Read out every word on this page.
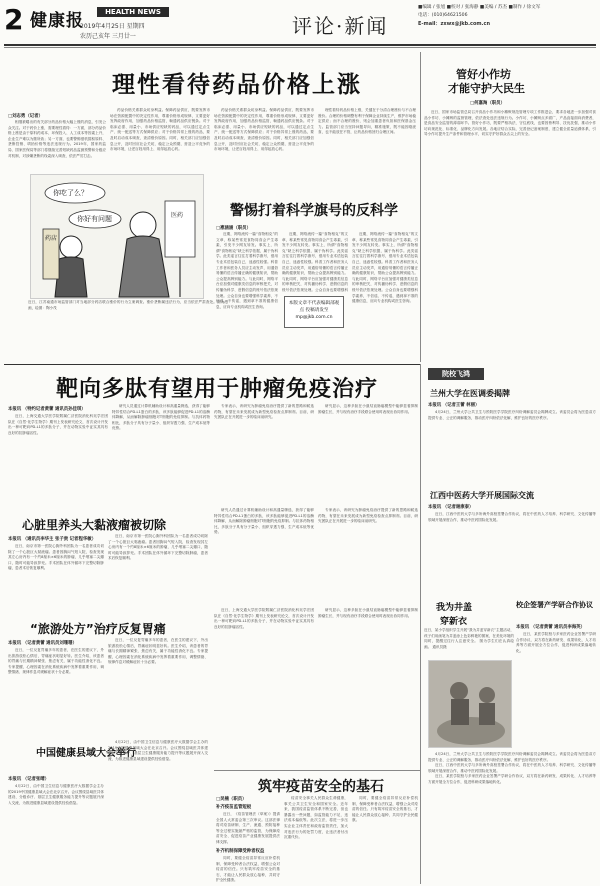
2 健康报	HEALTH NEWS
2019年4月25日 星期四
农历己亥年 三月廿一	评论·新闻
■编辑 / 张旭 ■校对 / 张海静 ■美编 / 苏杰 ■制作 / 徐文军
电话：(010)64621506
E-mail：zxwx@jkb.com.cn
理性看待药品价格上涨
□刘志勇（记者）

相继被曝出的有关部分药品价格大幅上涨的消息，引发公众关注。对于药价上涨，需要理性看待：一方面，部分药品价格上涨是由于原料药成本、环保投入、人工成本等因素上升，企业生产难以为继所致；另一方面，也要警惕借机囤积原料、垄断控销、哄抬价格等违法违规行为。2019年，国家药监局、国家医保局等部门将继续完善短缺药品监测预警和分级应对机制，对涉嫌垄断的线索深入调查，依法严厉打击。

药品价格关系群众切身利益。保障药品供应，既要发挥市场在资源配置中的决定性作用，尊重价格形成规律，又要更好发挥政府作用，加强药品价格监管，畅通药品供应链条。对于临床必需、用量小、市场供应短缺的药品，可以通过定点生产、统一配送等方式保障供应；对于价格异常上涨的药品，要及时启动成本调查，查清涨价原因。同时，相关部门应加强信息公开，及时回应社会关切，稳定公众预期，营造公平竞争的市场环境，让老百姓用得上、用得起放心药。

药品价格关系群众切身利益。保障药品供应，既要发挥市场在资源配置中的决定性作用，尊重价格形成规律，又要更好发挥政府作用，加强药品价格监管，畅通药品供应链条。对于临床必需、用量小、市场供应短缺的药品，可以通过定点生产、统一配送等方式保障供应；对于价格异常上涨的药品，要及时启动成本调查，查清涨价原因。同时，相关部门应加强信息公开，及时回应社会关切，稳定公众预期，营造公平竞争的市场环境，让老百姓用得上、用得起放心药。

理性看待药品价格上涨，关键在于分清合理涨价与不合理涨价。合理的价格调整有利于保障企业持续生产，维护市场稳定供应；而不合理的涨价，则会加重患者负担和医保基金压力。监管部门应当坚持问题导向，精准施策，既不能因噎废食，也不能放任不管，让药品价格回归合理区间。

你吃了么？
你好有问题
药店
医药
近日，江苏南通市场监管部门对当地部分药店联合涨价的行为立案调查。涨价垄断属违法行为，应当依法严肃查处。图为漫画，绘图：陶小茂
管好小作坊
才能守护大民生
□何嘉淘（职员）

近日，国家市场监管总局召开食品小作坊和小摊贩规范管理专项工作推进会，要求各地进一步加强对食品小作坊、小摊贩的监督管理，依法查处违法违规行为。小作坊、小摊贩点多面广，产品直接面向消费者，是食品安全监管的薄弱环节。管好小作坊，既要严格执法、守住底线，也要因势利导、扶优扶强，推动小作坊向规范化、标准化、品牌化方向发展。各地应结合实际，完善登记备案制度，建立健全质量追溯体系，引导小作坊提升生产条件和管理水平，切实守护好群众舌尖上的安全。

警惕打着科学旗号的反科学
□惠涵涵（职员）

近期，网络流传一篇“食物相克”的文章，称某些常见食物同食会产生毒素，引发不少网友转发。事实上，所谓“食物相克”缺乏科学依据，属于伪科学。此类谣言往往打着科学旗号，借用专业术语包装自己，迷惑性较强。科普工作者和医务人员应主动发声，用通俗易懂的语言传播正确的健康知识，帮助公众提高辨别能力。与此同时，网络平台应加强对健康类信息的审核把关，对传播伪科学、虚假信息的账号依法依规处理。公众自身也要增强科学素养，不信谣、不传谣，遇到拿不准的健康信息，应向专业机构或医生咨询。

近期，网络流传一篇“食物相克”的文章，称某些常见食物同食会产生毒素，引发不少网友转发。事实上，所谓“食物相克”缺乏科学依据，属于伪科学。此类谣言往往打着科学旗号，借用专业术语包装自己，迷惑性较强。科普工作者和医务人员应主动发声，用通俗易懂的语言传播正确的健康知识，帮助公众提高辨别能力。与此同时，网络平台应加强对健康类信息的审核把关，对传播伪科学、虚假信息的账号依法依规处理。公众自身也要增强科

近期，网络流传一篇“食物相克”的文章，称某些常见食物同食会产生毒素，引发不少网友转发。事实上，所谓“食物相克”缺乏科学依据，属于伪科学。此类谣言往往打着科学旗号，借用专业术语包装自己，迷惑性较强。科普工作者和医务人员应主动发声，用通俗易懂的语言传播正确的健康知识，帮助公众提高辨别能力。与此同时，网络平台应加强对健康类信息的审核把关，对传播伪科学、虚假信息的账号依法依规处理。公众自身也要增强科学素养，不信谣、不传谣，遇到拿不准的健康信息，应向专业机构或医生咨询。

本版文章不代表编辑部观点 投稿请发至 mp@jkb.com.cn
靶向多肽有望用于肿瘤免疫治疗
本报讯 （特约记者黄蕾 通讯员孙佳琪）

近日，上海交通大学医学院附属仁济医院消化科吴学宏团队在《自然·化学生物学》期刊上发表研究论文，首次设计开发出一种可靶向PD-L1的多肽分子，并在动物实验中证实其具有良好的抗肿瘤活性。

研究人员通过计算机辅助设计和高通量筛选，获得了能够特异性结合PD-L1蛋白的多肽，该多肽能够促进PD-L1的溶酶体降解，从而解除肿瘤细胞对T细胞的免疫抑制。与抗体药物相比，多肽分子具有分子量小、组织穿透力强、生产成本低等优势。

专家表示，该研究为肿瘤免疫治疗提供了新的思路和候选药物，有望在未来发展成为新型免疫检查点抑制剂。目前，研究团队正在开展进一步的临床前研究。

研究显示，这种多肽在小鼠结直肠癌模型中能够显著抑制肿瘤生长，并与现有治疗手段联合使用时表现出协同作用。

心脏里养头大黏液瘤被切除
本报讯 （通讯员李华主 张子贵 记者程华敏）

近日，南京市第一医院心胸外科团队为一名患者成功切除了一个心脏巨大黏液瘤。患者因胸闷气短入院，检查发现其左心房内有一个约8厘米×6厘米的肿瘤，几乎堵塞二尖瓣口，随时可能导致猝死。手术团队在体外循环下完整切除肿瘤，患者术后恢复顺利。

近日，南京市第一医院心胸外科团队为一名患者成功切除了一个心脏巨大黏液瘤。患者因胸闷气短入院，检查发现其左心房内有一个约8厘米×6厘米的肿瘤，几乎堵塞二尖瓣口，随时可能导致猝死。手术团队在体外循环下完整切除肿瘤，患者术后恢复顺利。

“旅游处方”治疗反复胃痛
本报讯 （记者黄蕾 通讯员刘珊珊）

近日，一位反复胃痛多年的患者，在医生的建议下，外出旅游放松心情后，胃痛症状明显好转。医生介绍，该患者的胃痛与长期精神紧张、焦虑有关，属于功能性消化不良。专家提醒，心理因素在消化系统疾病中发挥着重要作用，调整情绪、规律作息对缓解症状十分必要。

近日，一位反复胃痛多年的患者，在医生的建议下，外出旅游放松心情后，胃痛症状明显好转。医生介绍，该患者的胃痛与长期精神紧张、焦虑有关，属于功能性消化不良。专家提醒，心理因素在消化系统疾病中发挥着重要作用，调整情绪、规律作息对缓解症状十分必要。

中国健康县域大会举行
本报讯 （记者张晴）

4月22日，由中国卫生信息与健康医疗大数据学会主办的2019中国健康县域大会在北京召开。会议围绕县域医共体建设、分级诊疗、基层卫生健康服务能力提升等议题展开深入交流，为推进健康县域建设提供经验借鉴。

4月22日，由中国卫生信息与健康医疗大数据学会主办的2019中国健康县域大会在北京召开。会议围绕县域医共体建设、分级诊疗、基层卫生健康服务能力提升等议题展开深入交流，为推进健康县域建设提供经验借鉴。

研究人员通过计算机辅助设计和高通量筛选，获得了能够特异性结合PD-L1蛋白的多肽，该多肽能够促进PD-L1的溶酶体降解，从而解除肿瘤细胞对T细胞的免疫抑制。与抗体药物相比，多肽分子具有分子量小、组织穿透力强、生产成本低等优势。

专家表示，该研究为肿瘤免疫治疗提供了新的思路和候选药物，有望在未来发展成为新型免疫检查点抑制剂。目前，研究团队正在开展进一步的临床前研究。

近日，上海交通大学医学院附属仁济医院消化科吴学宏团队在《自然·化学生物学》期刊上发表研究论文，首次设计开发出一种可靶向PD-L1的多肽分子，并在动物实验中证实其具有良好的抗肿瘤活性。

研究显示，这种多肽在小鼠结直肠癌模型中能够显著抑制肿瘤生长，并与现有治疗手段联合使用时表现出协同作用。

我为井盖
穿新衣
近日，某小学组织学生开展“我为井盖穿新衣”主题活动，孩子们用画笔为井盖涂上色彩鲜艳的图案，在美化环境的同时，提醒过往行人注意安全。 图为学生们在认真绘画。 通讯员摄
筑牢疫苗安全的基石
□吴楠（职员）
补齐疫苗监管短板

近日，《疫苗管理法（草案）》提请全国人大常委会第三次审议。这部法律将对疫苗研制、生产、流通、预防接种等全过程实施最严格的监管，为保障疫苗安全、促进疫苗产业健康发展提供法律支撑。

补齐机制保障受种者权益

同时，要健全疫苗异常反应补偿机制，保障受种者合法权益，增强公众对疫苗的信任。只有筑牢疫苗安全的基石，才能让人民群众放心接种，共同守护全民健康。

疫苗安全事关人民群众生命健康，事关公共卫生安全和国家安全。近年来，我国疫苗监管体系不断完善，但也暴露出一些问题，如监管能力不足、违法成本偏低等。此次立法，将进一步压实企业主体责任和政府监管责任，加大对违法行为的处罚力度，让违法者付出沉重代价。

同时，要健全疫苗异常反应补偿机制，保障受种者合法权益，增强公众对疫苗的信任。只有筑牢疫苗安全的基石，才能让人民群众放心接种，共同守护全民健康。

院校飞鸿
兰州大学在医调委揭牌
本报讯 （记者王蕾 林丽）

4月24日，兰州大学公共卫生与预防医学学院医疗纠纷调解委员会揭牌成立。该委员会将为医患双方提供专业、公正的调解服务，推动医疗纠纷依法化解，维护良好的医疗秩序。

江西中医药大学开展国际交流
本报讯 （记者谢康泰）

近日，江西中医药大学与多所海外高校签署合作协议，将在中医药人才培养、科学研究、文化传播等领域开展深度合作，推动中医药国际化发展。

校企签署产学研合作协议
本报讯 （记者黄蕾 通讯员李海英）

近日，某医学院校与多家医药企业签署产学研合作协议，双方将在新药研发、成果转化、人才培养等方面开展全方位合作，促进科研成果落地转化。

4月24日，兰州大学公共卫生与预防医学学院医疗纠纷调解委员会揭牌成立。该委员会将为医患双方提供专业、公正的调解服务，推动医疗纠纷依法化解，维护良好的医疗秩序。

近日，江西中医药大学与多所海外高校签署合作协议，将在中医药人才培养、科学研究、文化传播等领域开展深度合作，推动中医药国际化发展。

近日，某医学院校与多家医药企业签署产学研合作协议，双方将在新药研发、成果转化、人才培养等方面开展全方位合作，促进科研成果落地转化。
